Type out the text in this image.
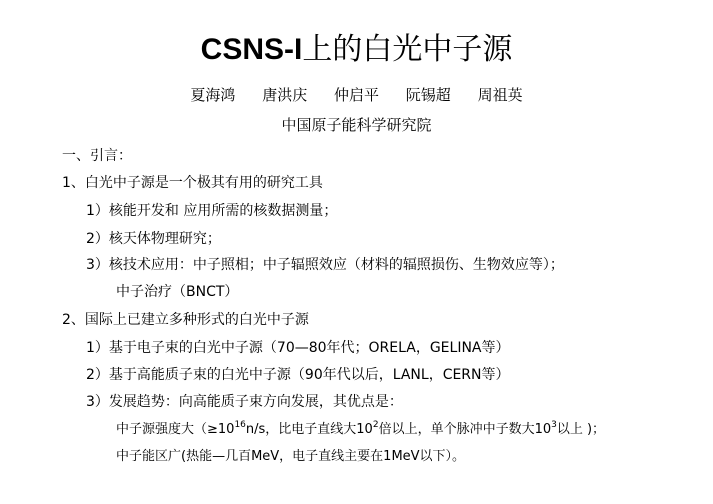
CSNS-I上的白光中子源
夏海鸿 唐洪庆 仲启平 阮锡超 周祖英
中国原子能科学研究院
一、引言：
1、白光中子源是一个极其有用的研究工具
1）核能开发和 应用所需的核数据测量；
2）核天体物理研究；
3）核技术应用：中子照相；中子辐照效应（材料的辐照损伤、生物效应等）；
中子治疗（BNCT）
2、国际上已建立多种形式的白光中子源
1）基于电子束的白光中子源（70—80年代；ORELA，GELINA等）
2）基于高能质子束的白光中子源（90年代以后，LANL，CERN等）
3）发展趋势：向高能质子束方向发展，其优点是：
中子源强度大（$\ge 10^{16}n/s$，比电子直线大$10^2$倍以上，单个脉冲中子数大$10^3$以上 )；
中子能区广(热能—几百MeV，电子直线主要在1MeV以下）。
